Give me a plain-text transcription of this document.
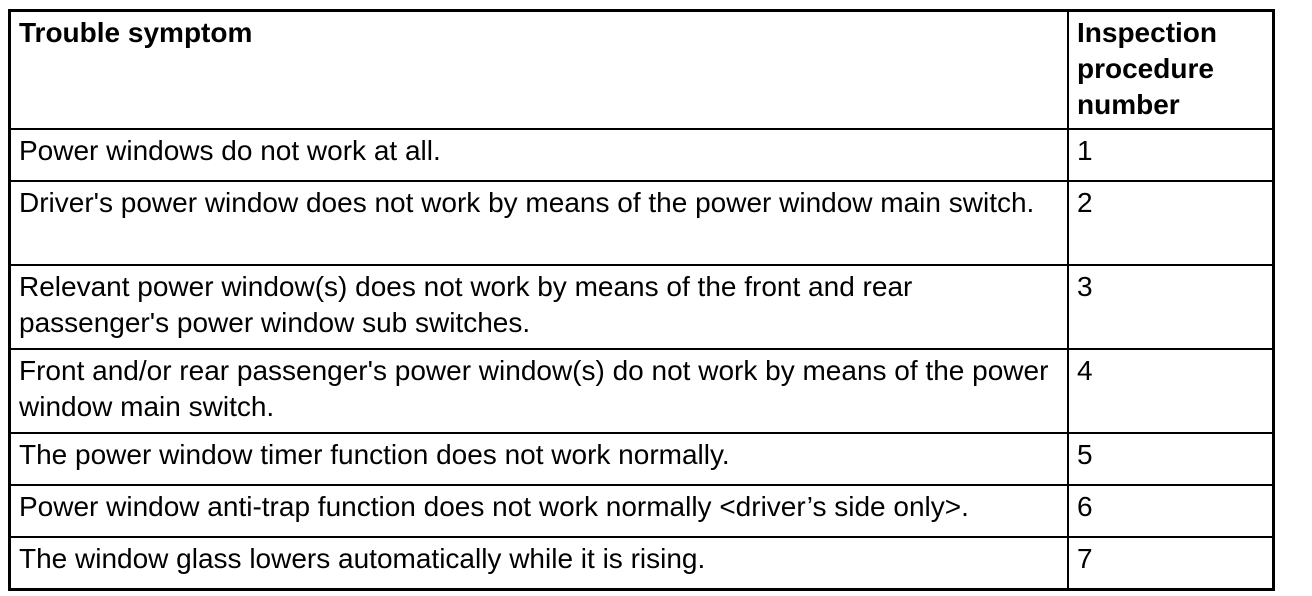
Trouble symptom	Inspection procedure number
Power windows do not work at all.	1
Driver's power window does not work by means of the power window main switch.	2
Relevant power window(s) does not work by means of the front and rear passenger's power window sub switches.	3
Front and/or rear passenger's power window(s) do not work by means of the power window main switch.	4
The power window timer function does not work normally.	5
Power window anti-trap function does not work normally <driver’s side only>.	6
The window glass lowers automatically while it is rising.	7
